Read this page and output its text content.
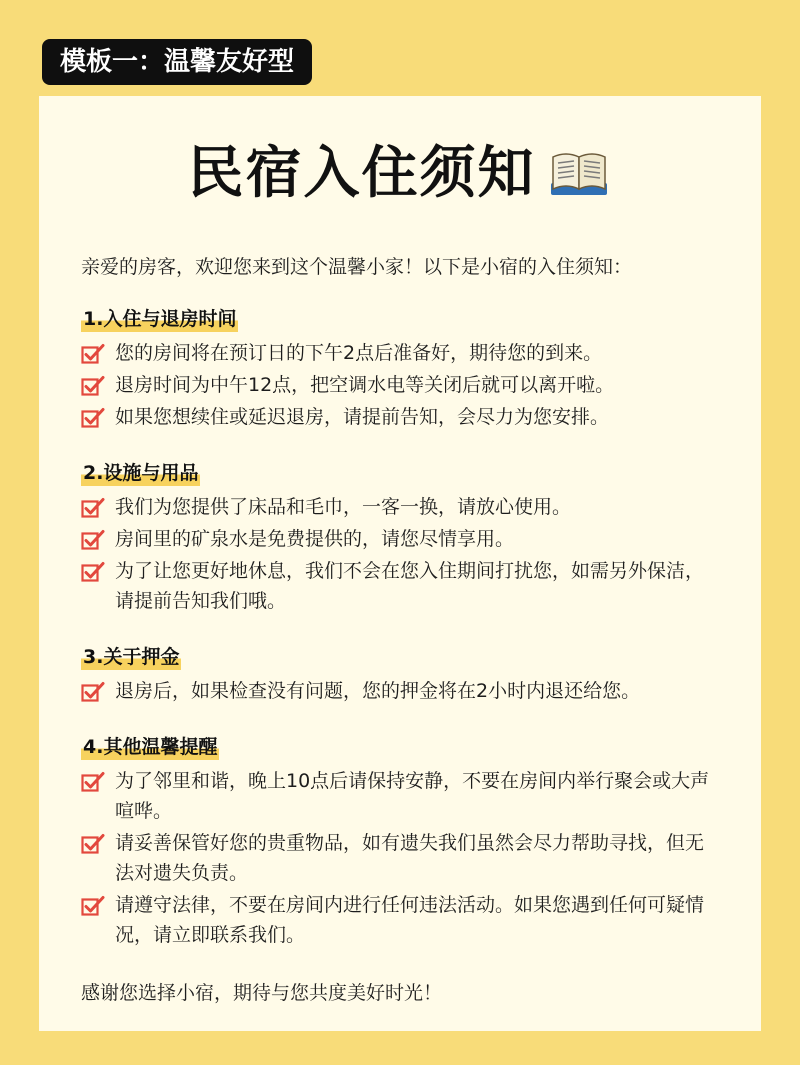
模板一：温馨友好型
民宿入住须知

亲爱的房客，欢迎您来到这个温馨小家！以下是小宿的入住须知：

1.入住与退房时间
您的房间将在预订日的下午2点后准备好，期待您的到来。
退房时间为中午12点，把空调水电等关闭后就可以离开啦。
如果您想续住或延迟退房，请提前告知，会尽力为您安排。
2.设施与用品
我们为您提供了床品和毛巾，一客一换，请放心使用。
房间里的矿泉水是免费提供的，请您尽情享用。
为了让您更好地休息，我们不会在您入住期间打扰您，如需另外保洁，请提前告知我们哦。
3.关于押金
退房后，如果检查没有问题，您的押金将在2小时内退还给您。
4.其他温馨提醒
为了邻里和谐，晚上10点后请保持安静，不要在房间内举行聚会或大声喧哗。
请妥善保管好您的贵重物品，如有遗失我们虽然会尽力帮助寻找，但无法对遗失负责。
请遵守法律，不要在房间内进行任何违法活动。如果您遇到任何可疑情况，请立即联系我们。

感谢您选择小宿，期待与您共度美好时光！
